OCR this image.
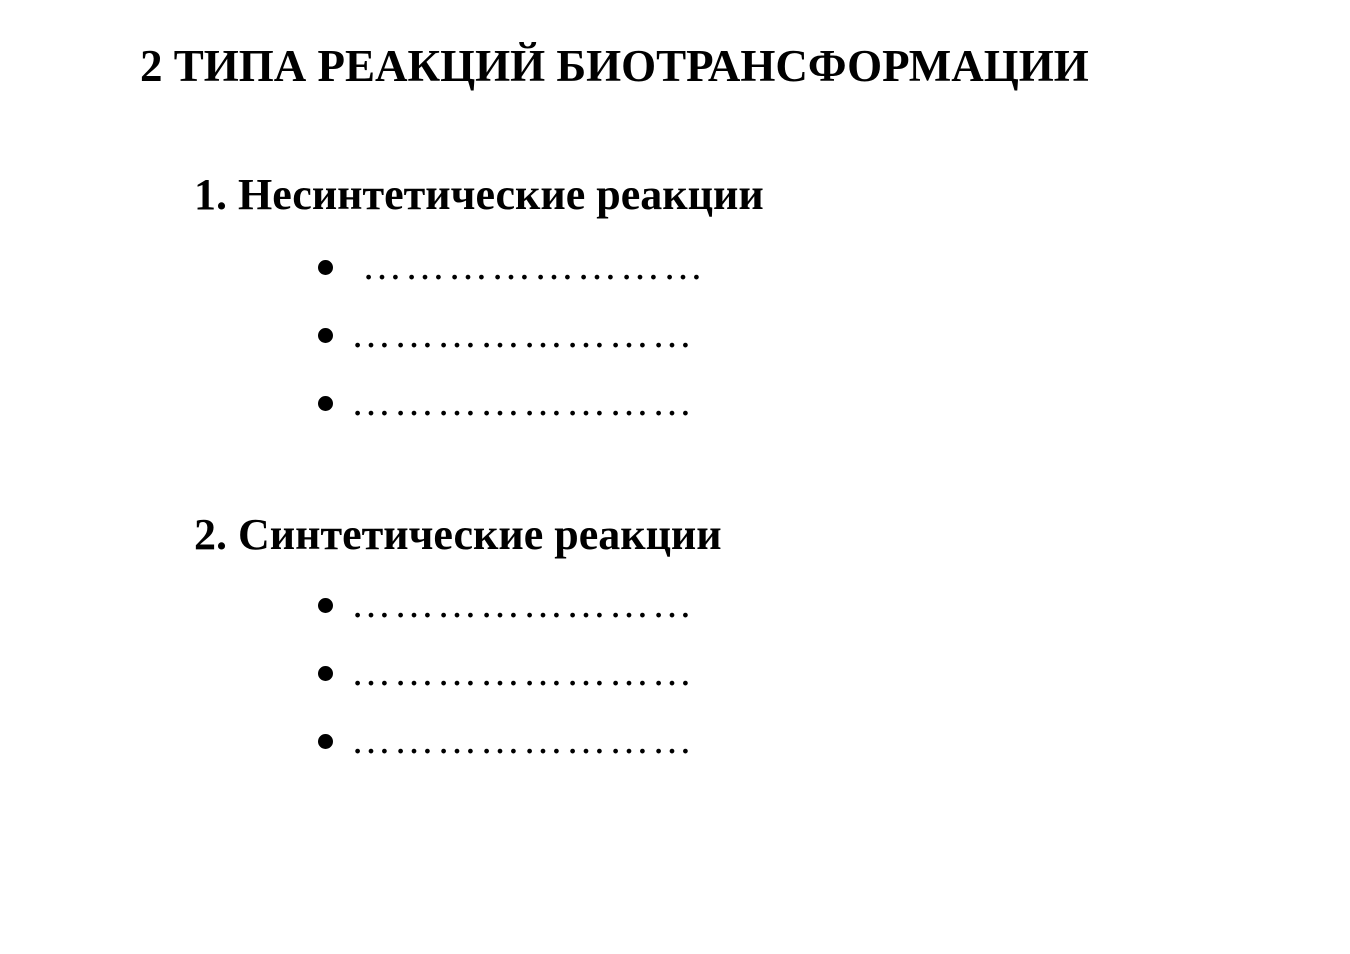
2 ТИПА РЕАКЦИЙ БИОТРАНСФОРМАЦИИ
1. Несинтетические реакции
……………………
……………………
……………………
2. Синтетические реакции
……………………
……………………
……………………
